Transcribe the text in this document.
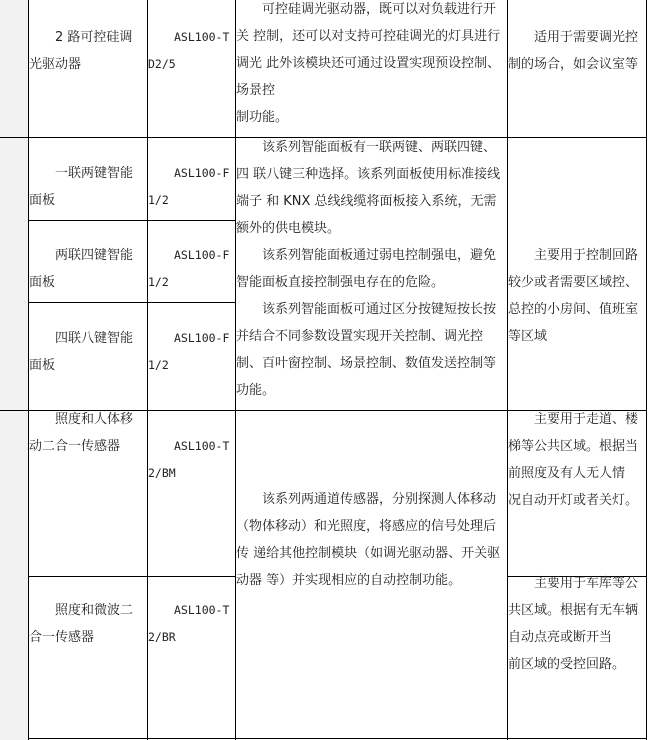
2 路可控硅调光驱动器
ASL100-TD2/5
可控硅调光驱动器，既可以对负载进行开关 控制，还可以对支持可控硅调光的灯具进行调光 此外该模块还可通过设置实现预设控制、场景控
制功能。
适用于需要调光控制的场合，如会议室等
一联两键智能面板
ASL100-F1/2
两联四键智能面板
ASL100-F1/2
四联八键智能面板
ASL100-F1/2
该系列智能面板有一联两键、两联四键、四 联八键三种选择。该系列面板使用标准接线端子 和 KNX 总线线缆将面板接入系统，无需额外的供电模块。
该系列智能面板通过弱电控制强电，避免智能面板直接控制强电存在的危险。
该系列智能面板可通过区分按键短按长按并结合不同参数设置实现开关控制、调光控制、百叶窗控制、场景控制、数值发送控制等功能。
主要用于控制回路较少或者需要区域控、总控的小房间、值班室等区域
照度和人体移动二合一传感器	ASL100-T2/BM
照度和微波二合一传感器
ASL100-T2/BR
该系列两通道传感器，分别探测人体移动
（物体移动）和光照度，将感应的信号处理后传 递给其他控制模块（如调光驱动器、开关驱动器 等）并实现相应的自动控制功能。
主要用于走道、楼梯等公共区域。根据当前照度及有人无人情
况自动开灯或者关灯。
主要用于车库等公共区域。根据有无车辆自动点亮或断开当
前区域的受控回路。
